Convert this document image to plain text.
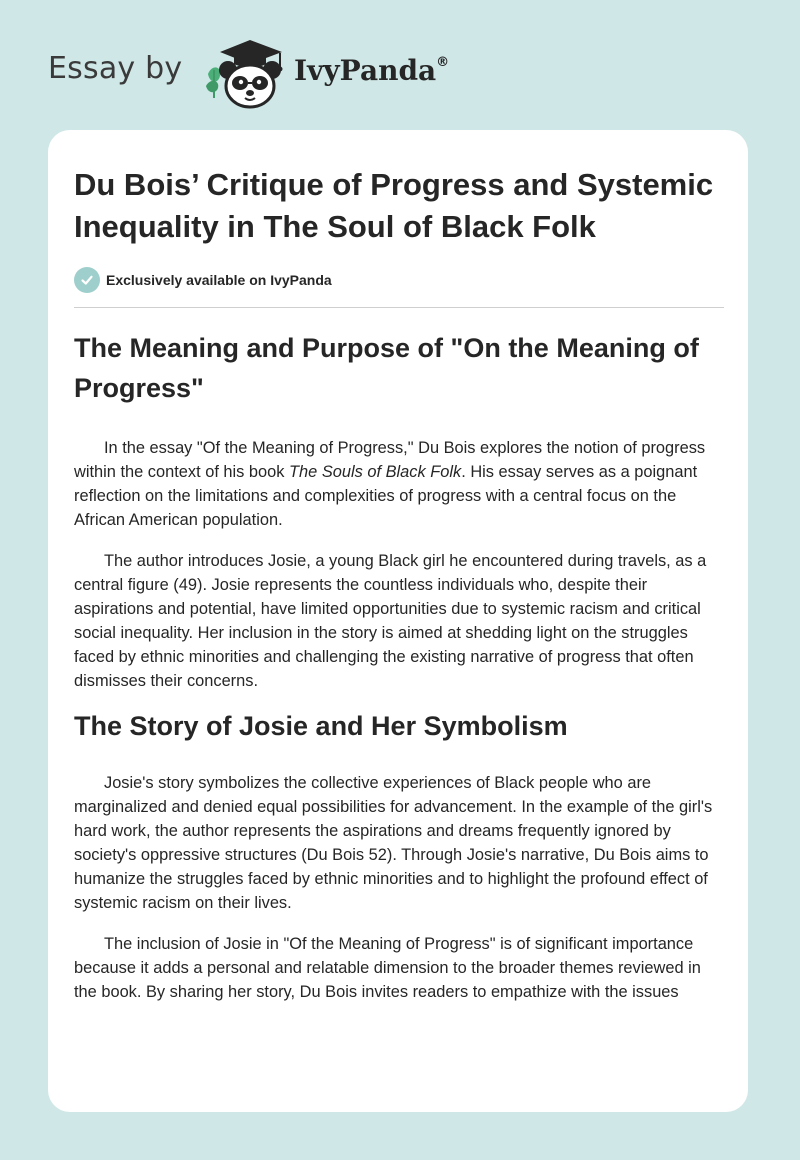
Essay by	IvyPanda®
Du Bois’ Critique of Progress and Systemic Inequality in The Soul of Black Folk
Exclusively available on IvyPanda
The Meaning and Purpose of "On the Meaning of Progress"

In the essay "Of the Meaning of Progress," Du Bois explores the notion of progress within the context of his book The Souls of Black Folk. His essay serves as a poignant reflection on the limitations and complexities of progress with a central focus on the African American population.

The author introduces Josie, a young Black girl he encountered during travels, as a central figure (49). Josie represents the countless individuals who, despite their aspirations and potential, have limited opportunities due to systemic racism and critical social inequality. Her inclusion in the story is aimed at shedding light on the struggles faced by ethnic minorities and challenging the existing narrative of progress that often dismisses their concerns.

The Story of Josie and Her Symbolism

Josie's story symbolizes the collective experiences of Black people who are marginalized and denied equal possibilities for advancement. In the example of the girl's hard work, the author represents the aspirations and dreams frequently ignored by society's oppressive structures (Du Bois 52). Through Josie's narrative, Du Bois aims to humanize the struggles faced by ethnic minorities and to highlight the profound effect of systemic racism on their lives.

The inclusion of Josie in "Of the Meaning of Progress" is of significant importance because it adds a personal and relatable dimension to the broader themes reviewed in the book. By sharing her story, Du Bois invites readers to empathize with the issues
